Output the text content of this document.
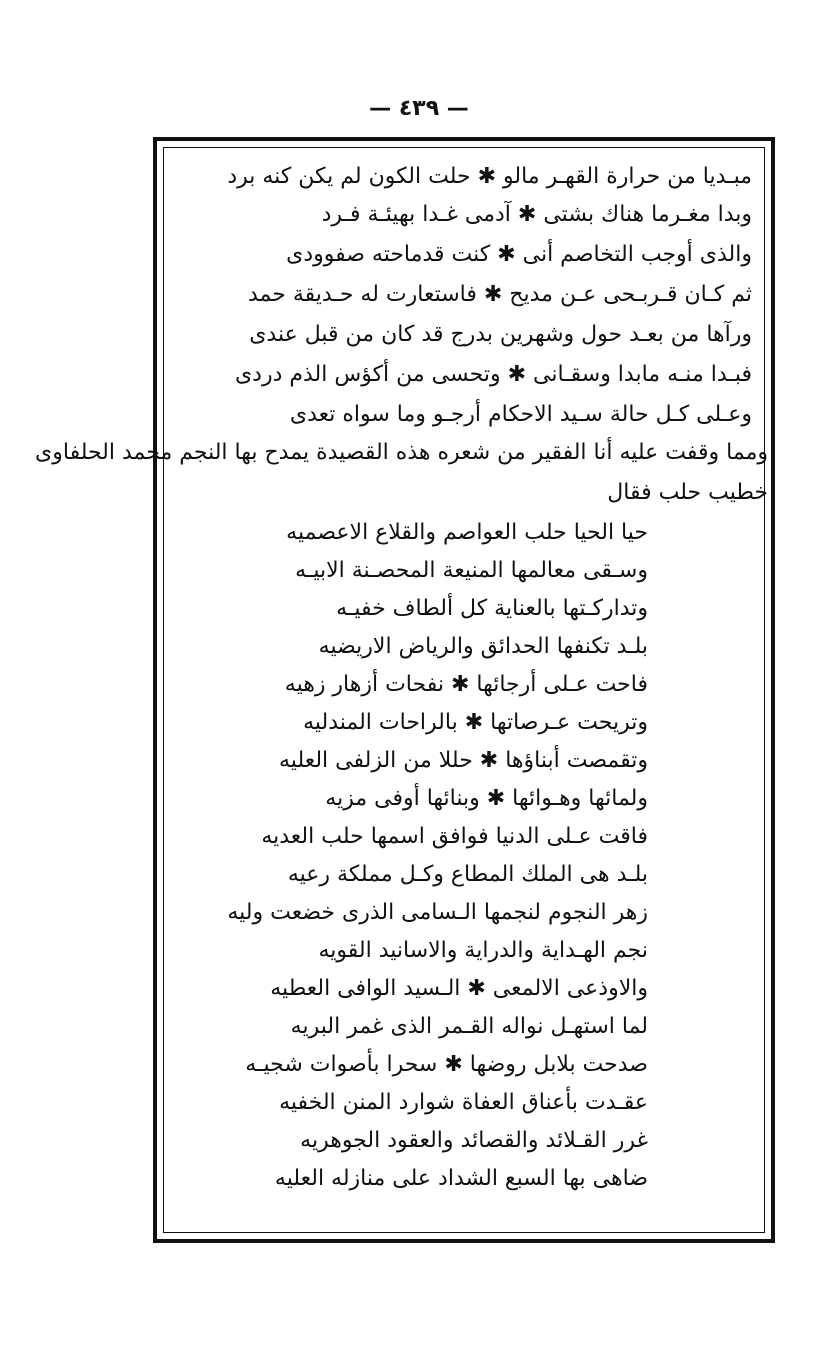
— ٤٣٩ —
مبـديا من حرارة القهـر مالو ✱ حلت الكون لم يكن كنه برد
وبدا مغـرما هناك بشتى ✱ آدمى غـدا بهيئـة فـرد
والذى أوجب التخاصم أنى ✱ كنت قدماحته صفوودى
ثم كـان قـربـحى عـن مديح ✱ فاستعارت له حـديقة حمد
ورآها من بعـد حول وشهرين بدرج قد كان من قبل عندى
فبـدا منـه مابدا وسقـانى ✱ وتحسى من أكؤس الذم دردى
وعـلى كـل حالة سـيد الاحكام أرجـو وما سواه تعدى
ومما وقفت عليه أنا الفقير من شعره هذه القصيدة يمدح بها النجم محمد الحلفاوى
خطيب حلب فقال
حيا الحيا حلب العواصم والقلاع الاعصميه
وسـقى معالمها المنيعة المحصـنة الابيـه
وتداركـتها بالعناية كل ألطاف خفيـه
بلـد تكنفها الحدائق والرياض الاريضيه
فاحت عـلى أرجائها ✱ نفحات أزهار زهيه
وتريحت عـرصاتها ✱ بالراحات المندليه
وتقمصت أبناؤها ✱ حللا من الزلفى العليه
ولمائها وهـوائها ✱ وبنائها أوفى مزيه
فاقت عـلى الدنيا فوافق اسمها حلب العديه
بلـد هى الملك المطاع وكـل مملكة رعيه
زهر النجوم لنجمها الـسامى الذرى خضعت وليه
نجم الهـداية والدراية والاسانيد القويه
والاوذعى الالمعى ✱ الـسيد الوافى العطيه
لما استهـل نواله القـمر الذى غمر البريه
صدحت بلابل روضها ✱ سحرا بأصوات شجيـه
عقـدت بأعناق العفاة شوارد المنن الخفيه
غرر القـلائد والقصائد والعقود الجوهريه
ضاهى بها السبع الشداد على منازله العليه
